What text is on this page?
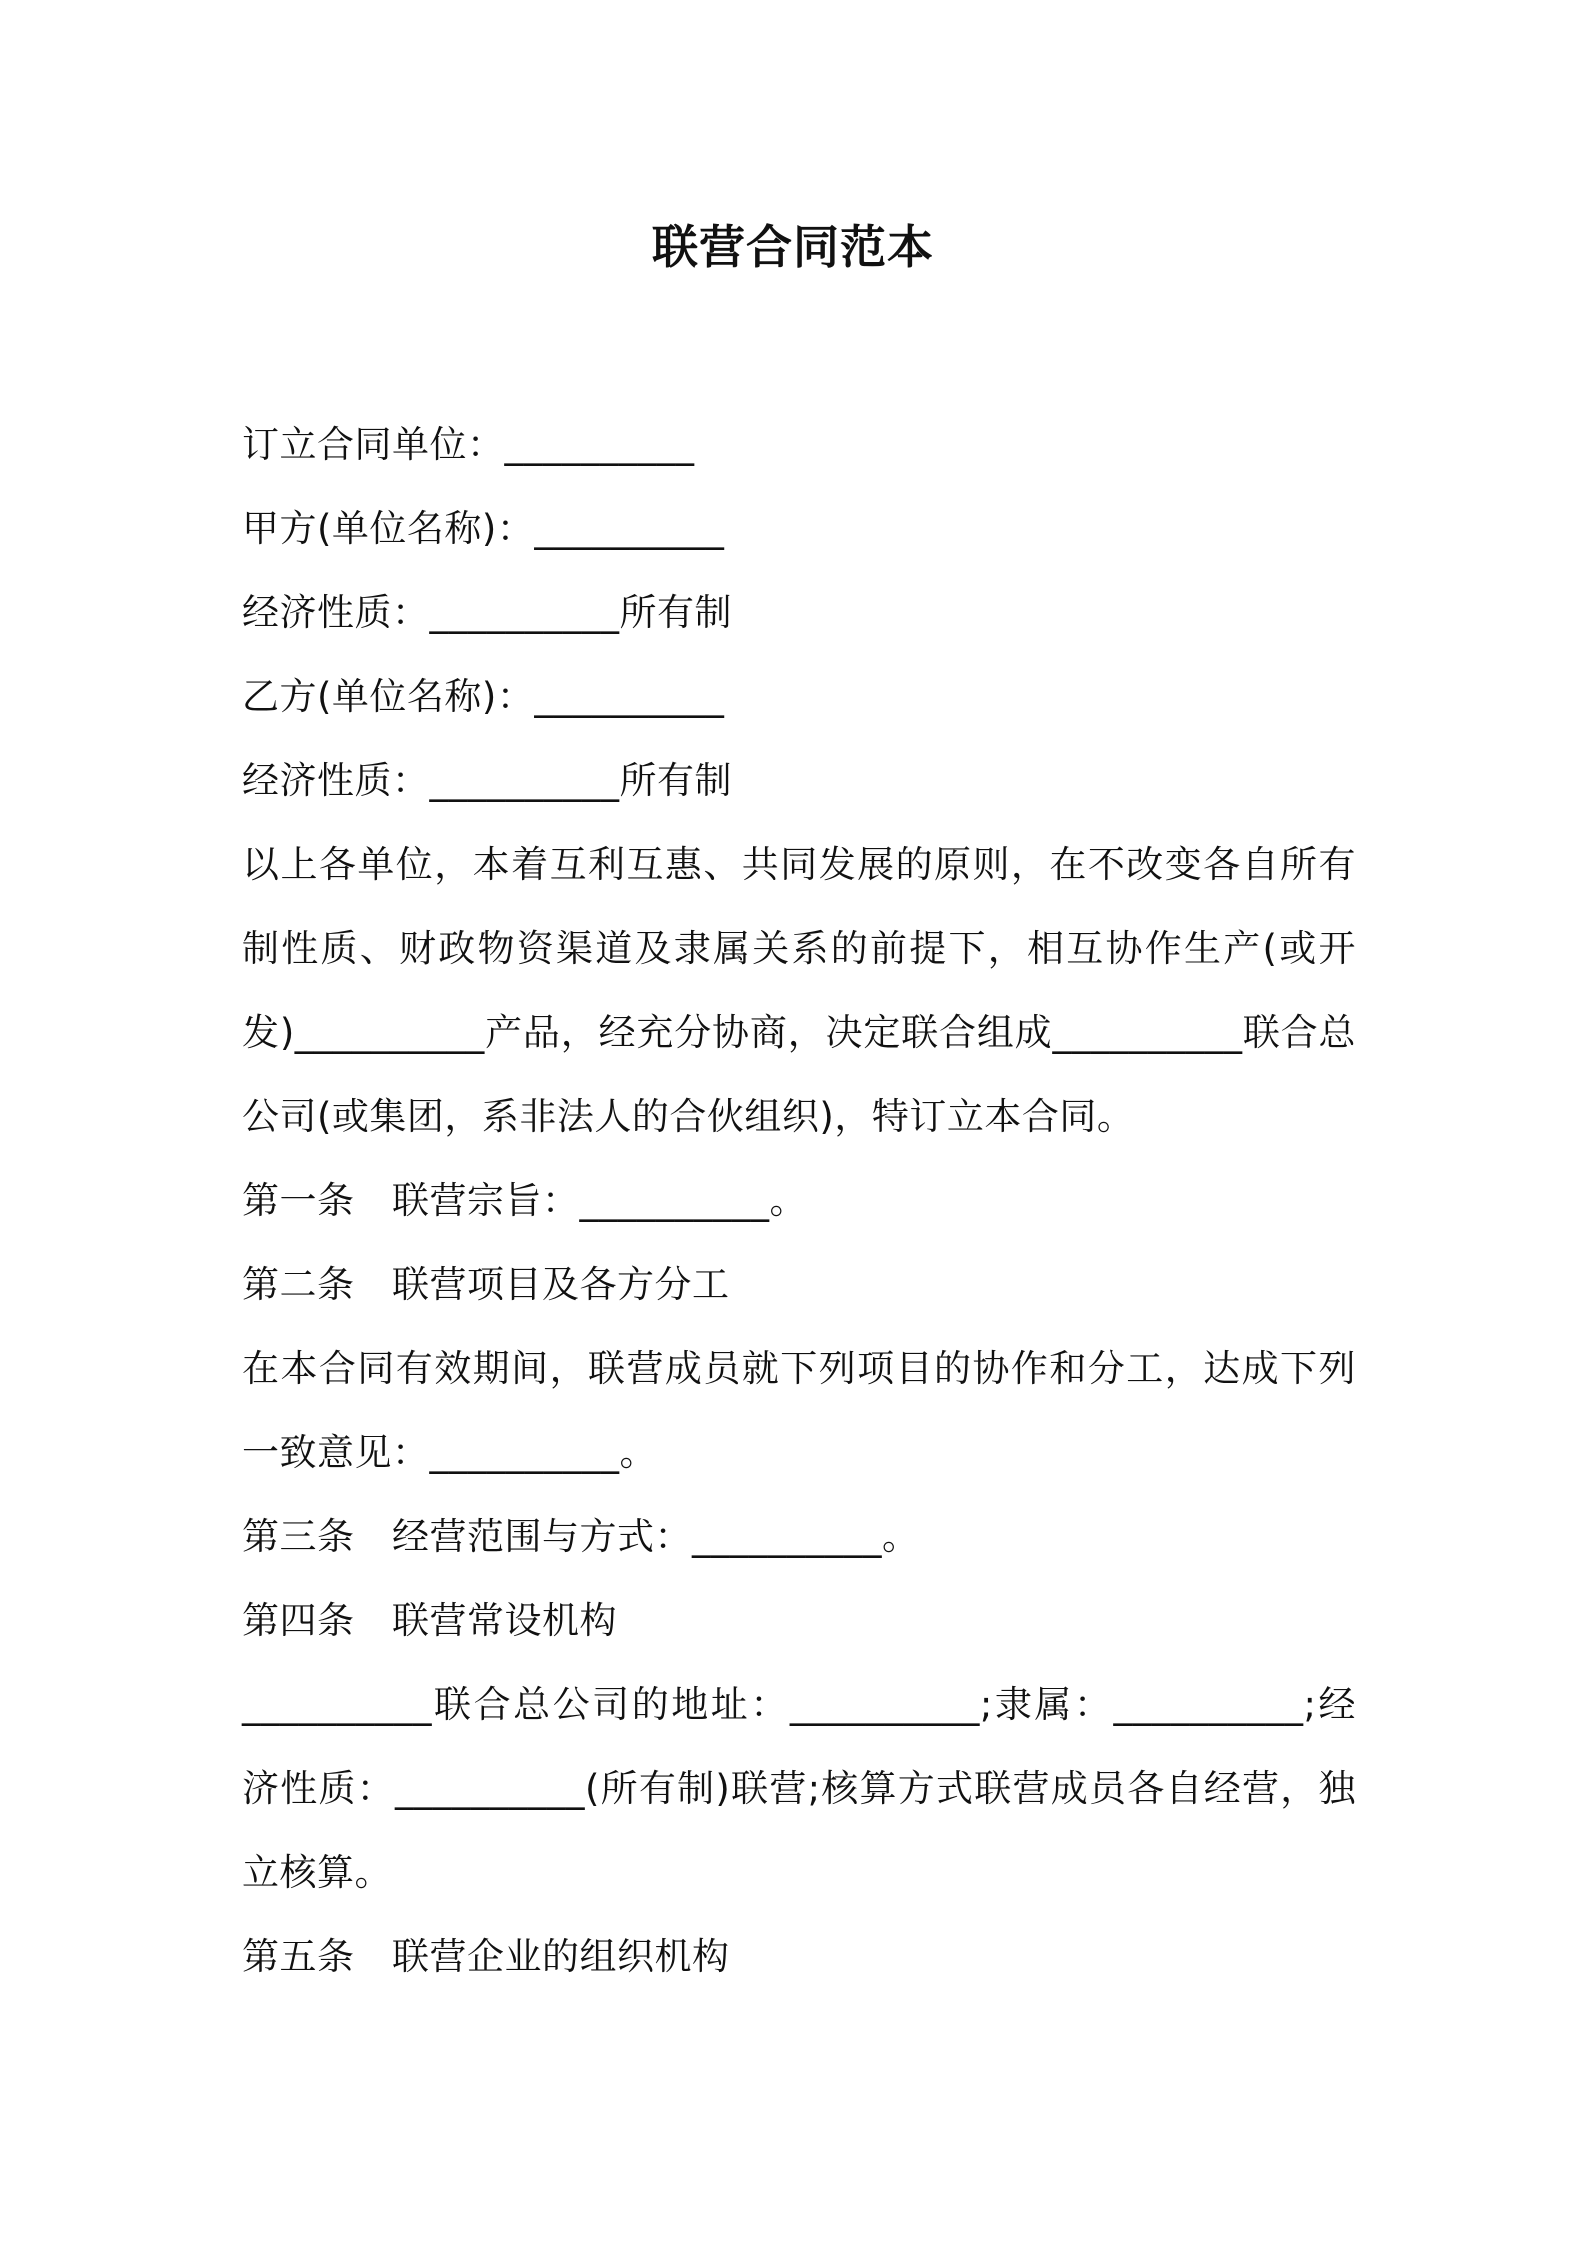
联营合同范本
订立合同单位：__________
甲方(单位名称)：__________
经济性质：__________所有制
乙方(单位名称)：__________
经济性质：__________所有制
以上各单位，本着互利互惠、共同发展的原则，在不改变各自所有制性质、财政物资渠道及隶属关系的前提下，相互协作生产(或开发)__________产品，经充分协商，决定联合组成__________联合总公司(或集团，系非法人的合伙组织)，特订立本合同。
第一条　联营宗旨：__________。
第二条　联营项目及各方分工
在本合同有效期间，联营成员就下列项目的协作和分工，达成下列一致意见：__________。
第三条　经营范围与方式：__________。
第四条　联营常设机构
__________联合总公司的地址：__________;隶属：__________;经济性质：__________(所有制)联营;核算方式联营成员各自经营，独立核算。
第五条　联营企业的组织机构
